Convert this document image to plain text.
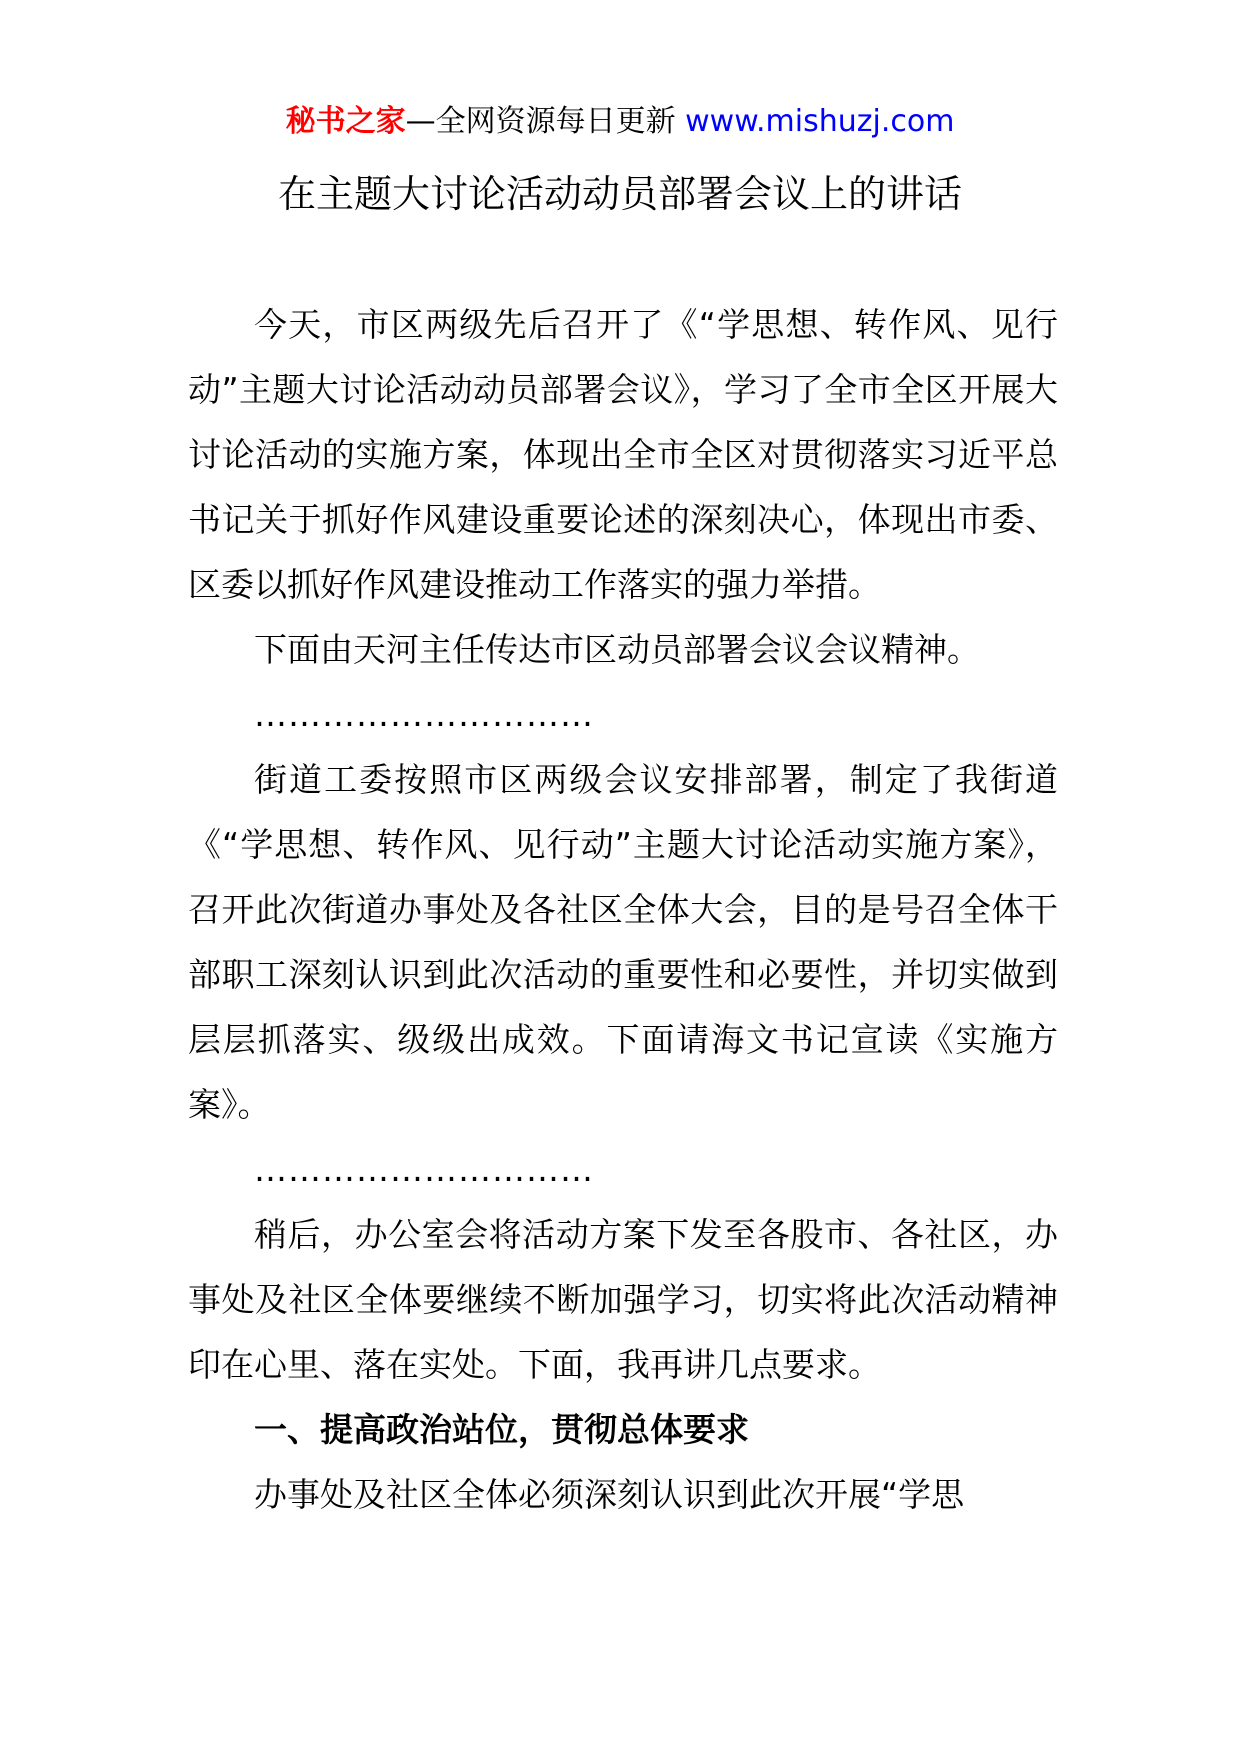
秘书之家—全网资源每日更新 www.mishuzj.com
在主题大讨论活动动员部署会议上的讲话

今天，市区两级先后召开了《“学思想、转作风、见行动”主题大讨论活动动员部署会议》，学习了全市全区开展大讨论活动的实施方案，体现出全市全区对贯彻落实习近平总书记关于抓好作风建设重要论述的深刻决心，体现出市委、区委以抓好作风建设推动工作落实的强力举措。

下面由天河主任传达市区动员部署会议会议精神。

…………………………

街道工委按照市区两级会议安排部署，制定了我街道《“学思想、转作风、见行动”主题大讨论活动实施方案》，召开此次街道办事处及各社区全体大会，目的是号召全体干部职工深刻认识到此次活动的重要性和必要性，并切实做到层层抓落实、级级出成效。下面请海文书记宣读《实施方案》。

…………………………

稍后，办公室会将活动方案下发至各股市、各社区，办事处及社区全体要继续不断加强学习，切实将此次活动精神印在心里、落在实处。下面，我再讲几点要求。

一、提高政治站位，贯彻总体要求

办事处及社区全体必须深刻认识到此次开展“学思
